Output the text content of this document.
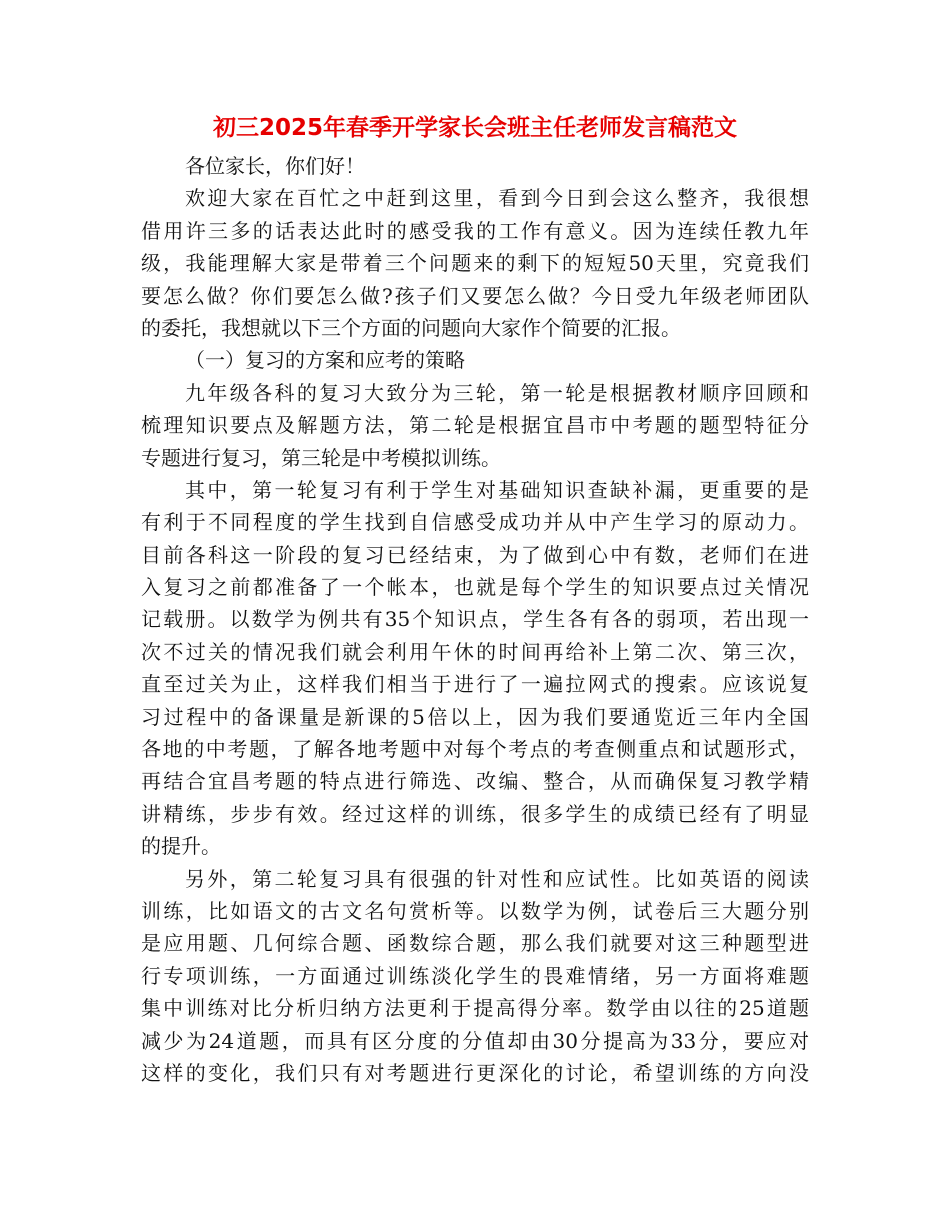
初三2025年春季开学家长会班主任老师发言稿范文
各位家长，你们好！
欢迎大家在百忙之中赶到这里，看到今日到会这么整齐，我很想
借用许三多的话表达此时的感受我的工作有意义。因为连续任教九年
级，我能理解大家是带着三个问题来的剩下的短短50天里，究竟我们
要怎么做？你们要怎么做?孩子们又要怎么做？今日受九年级老师团队
的委托，我想就以下三个方面的问题向大家作个简要的汇报。
（一）复习的方案和应考的策略
九年级各科的复习大致分为三轮，第一轮是根据教材顺序回顾和
梳理知识要点及解题方法，第二轮是根据宜昌市中考题的题型特征分
专题进行复习，第三轮是中考模拟训练。
其中，第一轮复习有利于学生对基础知识查缺补漏，更重要的是
有利于不同程度的学生找到自信感受成功并从中产生学习的原动力。
目前各科这一阶段的复习已经结束，为了做到心中有数，老师们在进
入复习之前都准备了一个帐本，也就是每个学生的知识要点过关情况
记载册。以数学为例共有35个知识点，学生各有各的弱项，若出现一
次不过关的情况我们就会利用午休的时间再给补上第二次、第三次，
直至过关为止，这样我们相当于进行了一遍拉网式的搜索。应该说复
习过程中的备课量是新课的5倍以上，因为我们要通览近三年内全国
各地的中考题，了解各地考题中对每个考点的考查侧重点和试题形式，
再结合宜昌考题的特点进行筛选、改编、整合，从而确保复习教学精
讲精练，步步有效。经过这样的训练，很多学生的成绩已经有了明显
的提升。
另外，第二轮复习具有很强的针对性和应试性。比如英语的阅读
训练，比如语文的古文名句赏析等。以数学为例，试卷后三大题分别
是应用题、几何综合题、函数综合题，那么我们就要对这三种题型进
行专项训练，一方面通过训练淡化学生的畏难情绪，另一方面将难题
集中训练对比分析归纳方法更利于提高得分率。数学由以往的25道题
减少为24道题，而具有区分度的分值却由30分提高为33分，要应对
这样的变化，我们只有对考题进行更深化的讨论，希望训练的方向没
